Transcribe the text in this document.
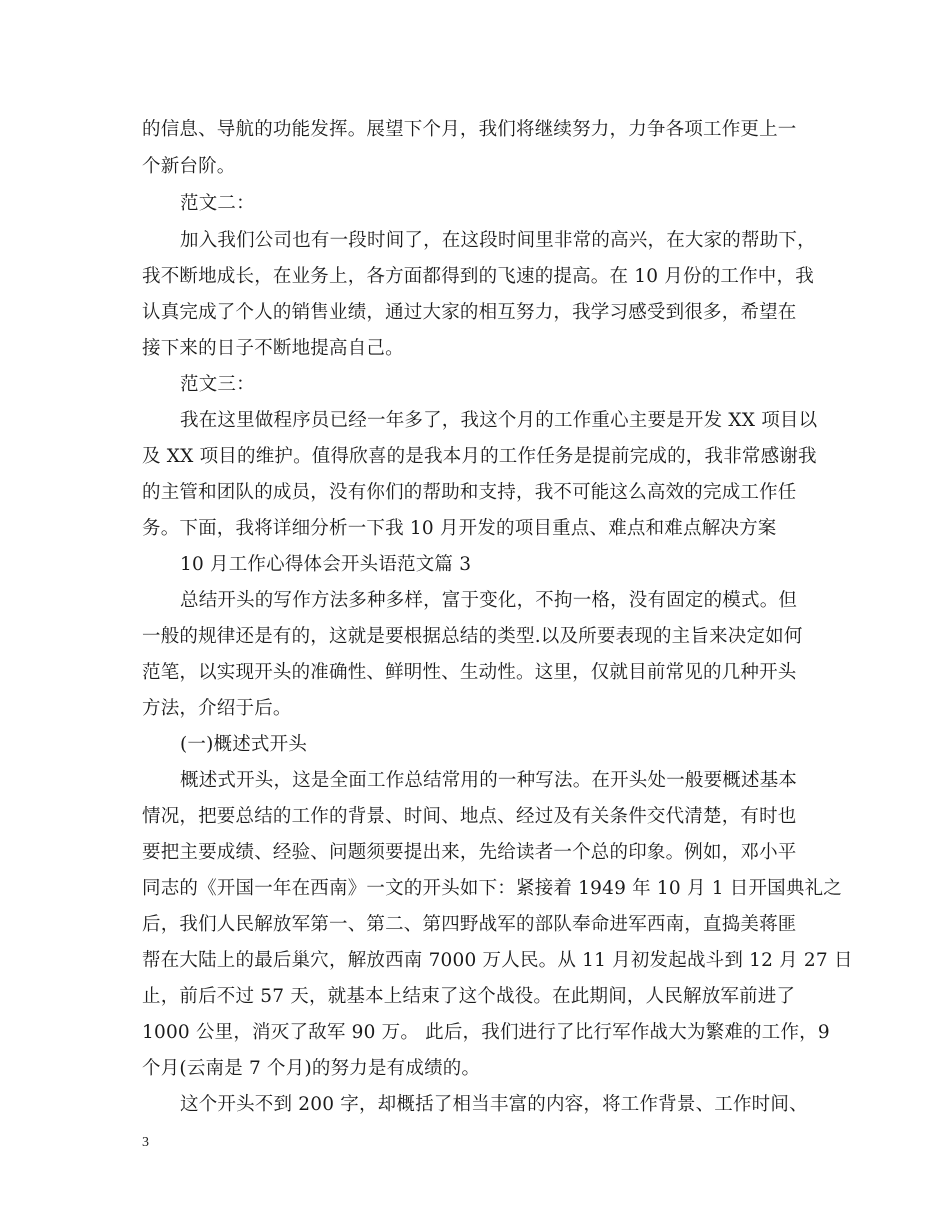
的信息、导航的功能发挥。展望下个月，我们将继续努力，力争各项工作更上一
个新台阶。
范文二：
加入我们公司也有一段时间了，在这段时间里非常的高兴，在大家的帮助下，
我不断地成长，在业务上，各方面都得到的飞速的提高。在 10 月份的工作中，我
认真完成了个人的销售业绩，通过大家的相互努力，我学习感受到很多，希望在
接下来的日子不断地提高自己。
范文三：
我在这里做程序员已经一年多了，我这个月的工作重心主要是开发 XX 项目以
及 XX 项目的维护。值得欣喜的是我本月的工作任务是提前完成的，我非常感谢我
的主管和团队的成员，没有你们的帮助和支持，我不可能这么高效的完成工作任
务。下面，我将详细分析一下我 10 月开发的项目重点、难点和难点解决方案
10 月工作心得体会开头语范文篇 3
总结开头的写作方法多种多样，富于变化，不拘一格，没有固定的模式。但
一般的规律还是有的，这就是要根据总结的类型.以及所要表现的主旨来决定如何
范笔，以实现开头的准确性、鲜明性、生动性。这里，仅就目前常见的几种开头
方法，介绍于后。
(一)概述式开头
概述式开头，这是全面工作总结常用的一种写法。在开头处一般要概述基本
情况，把要总结的工作的背景、时间、地点、经过及有关条件交代清楚，有时也
要把主要成绩、经验、问题须要提出来，先给读者一个总的印象。例如，邓小平
同志的《开国一年在西南》一文的开头如下：紧接着 1949 年 10 月 1 日开国典礼之
后，我们人民解放军第一、第二、第四野战军的部队奉命进军西南，直捣美蒋匪
帮在大陆上的最后巢穴，解放西南 7000 万人民。从 11 月初发起战斗到 12 月 27 日
止，前后不过 57 天，就基本上结束了这个战役。在此期间，人民解放军前进了
1000 公里，消灭了敌军 90 万。 此后，我们进行了比行军作战大为繁难的工作，9
个月(云南是 7 个月)的努力是有成绩的。
这个开头不到 200 字，却概括了相当丰富的内容，将工作背景、工作时间、
3
